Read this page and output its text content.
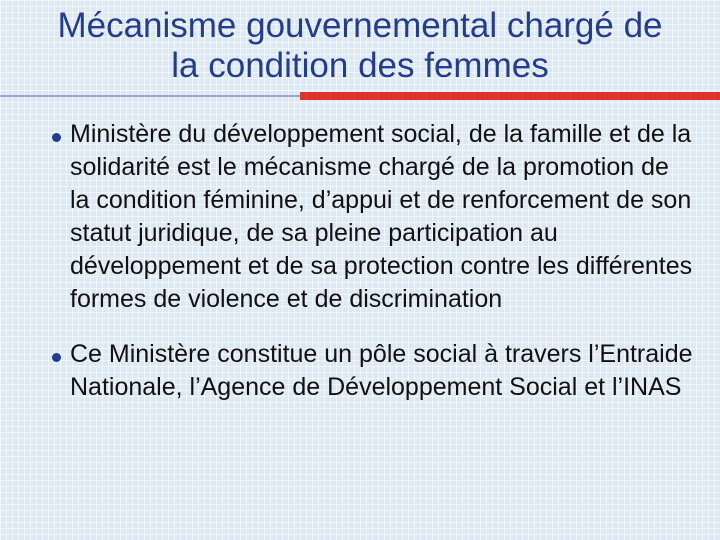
Mécanisme gouvernemental chargé de
la condition des femmes
Ministère du développement social, de la famille et de la solidarité est le mécanisme chargé de la promotion de la condition féminine, d’appui et de renforcement de son statut juridique, de sa pleine participation au développement et de sa protection contre les différentes formes de violence et de discrimination
Ce Ministère constitue un pôle social à travers l’Entraide Nationale, l’Agence de Développement Social et l’INAS
